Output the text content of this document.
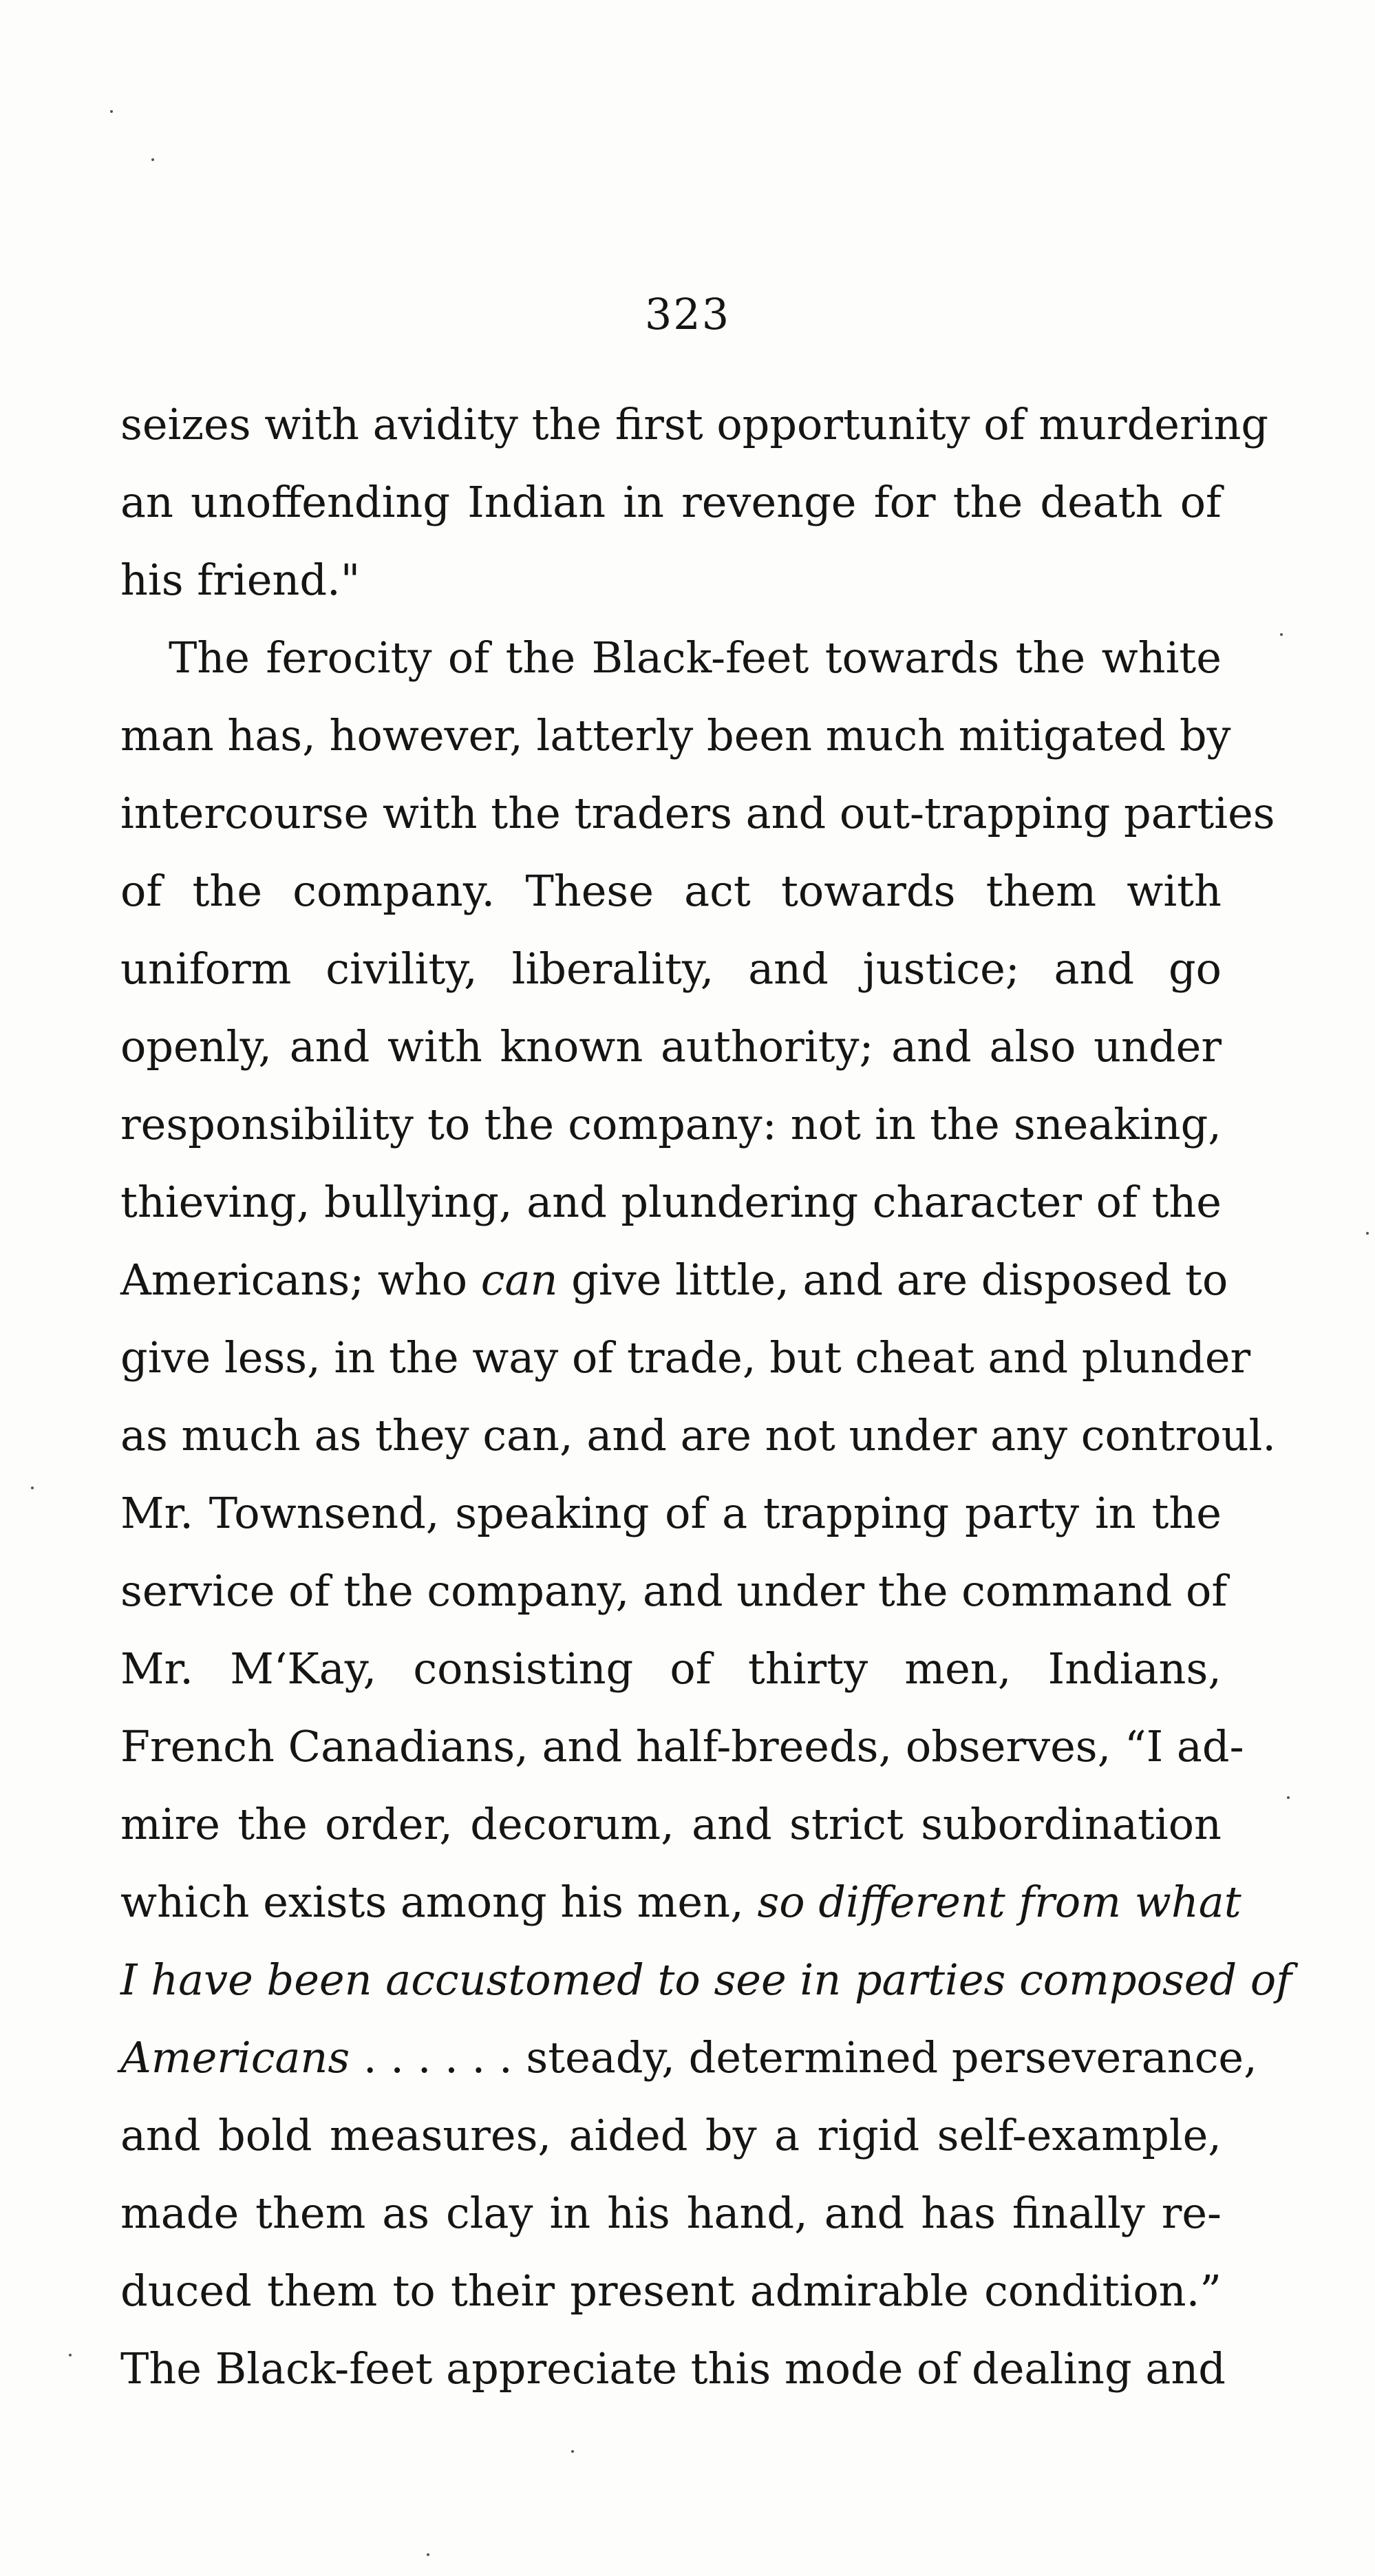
323
seizes with avidity the first opportunity of murdering
an unoffending Indian in revenge for the death of
his friend."
The ferocity of the Black-feet towards the white
man has, however, latterly been much mitigated by
intercourse with the traders and out-trapping parties
of the company. These act towards them with
uniform civility, liberality, and justice; and go
openly, and with known authority; and also under
responsibility to the company: not in the sneaking,
thieving, bullying, and plundering character of the
Americans; who can give little, and are disposed to
give less, in the way of trade, but cheat and plunder
as much as they can, and are not under any controul.
Mr. Townsend, speaking of a trapping party in the
service of the company, and under the command of
Mr. M‘Kay, consisting of thirty men, Indians,
French Canadians, and half-breeds, observes, “I ad-
mire the order, decorum, and strict subordination
which exists among his men, so different from what
I have been accustomed to see in parties composed of
Americans . . . . . . steady, determined perseverance,
and bold measures, aided by a rigid self-example,
made them as clay in his hand, and has finally re-
duced them to their present admirable condition.”
The Black-feet appreciate this mode of dealing and
